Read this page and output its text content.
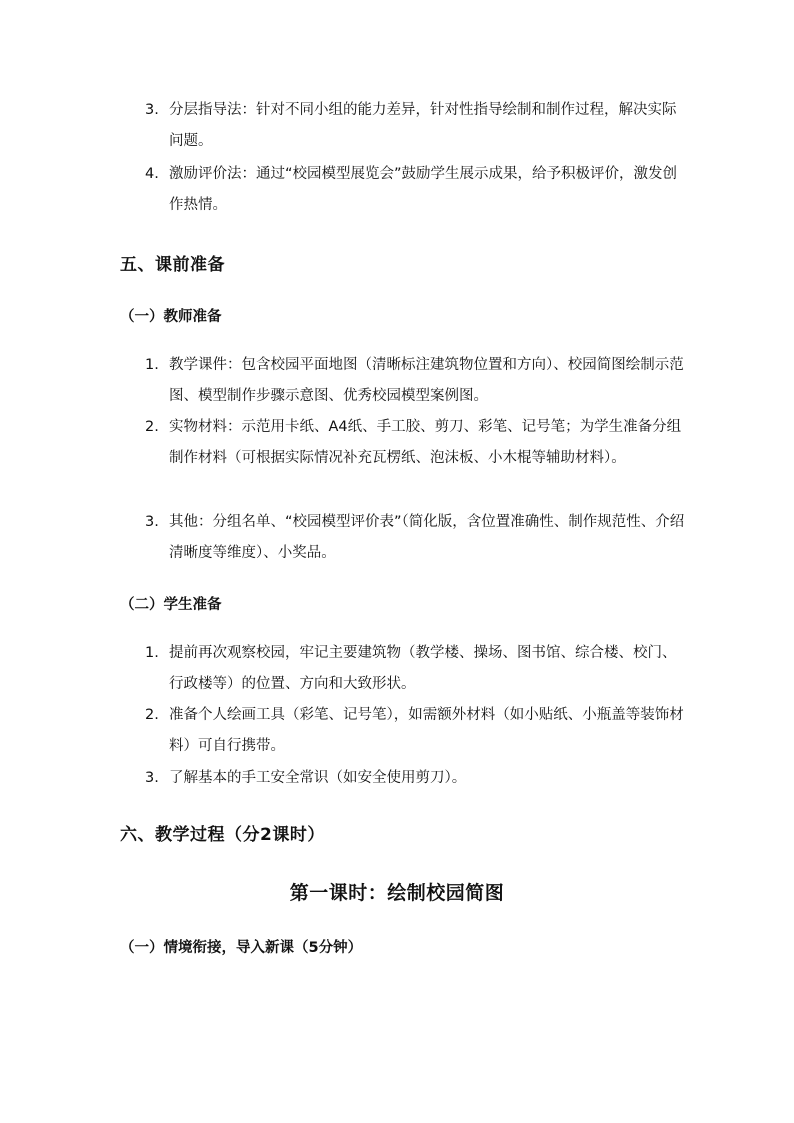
3. 分层指导法：针对不同小组的能力差异，针对性指导绘制和制作过程，解决实际问题。
4. 激励评价法：通过“校园模型展览会”鼓励学生展示成果，给予积极评价，激发创作热情。
五、课前准备
（一）教师准备
1. 教学课件：包含校园平面地图（清晰标注建筑物位置和方向）、校园简图绘制示范图、模型制作步骤示意图、优秀校园模型案例图。
2. 实物材料：示范用卡纸、A4纸、手工胶、剪刀、彩笔、记号笔；为学生准备分组制作材料（可根据实际情况补充瓦楞纸、泡沫板、小木棍等辅助材料）。
3. 其他：分组名单、“校园模型评价表”（简化版，含位置准确性、制作规范性、介绍清晰度等维度）、小奖品。
（二）学生准备
1. 提前再次观察校园，牢记主要建筑物（教学楼、操场、图书馆、综合楼、校门、行政楼等）的位置、方向和大致形状。
2. 准备个人绘画工具（彩笔、记号笔），如需额外材料（如小贴纸、小瓶盖等装饰材料）可自行携带。
3. 了解基本的手工安全常识（如安全使用剪刀）。
六、教学过程（分2课时）
第一课时：绘制校园简图
（一）情境衔接，导入新课（5分钟）
